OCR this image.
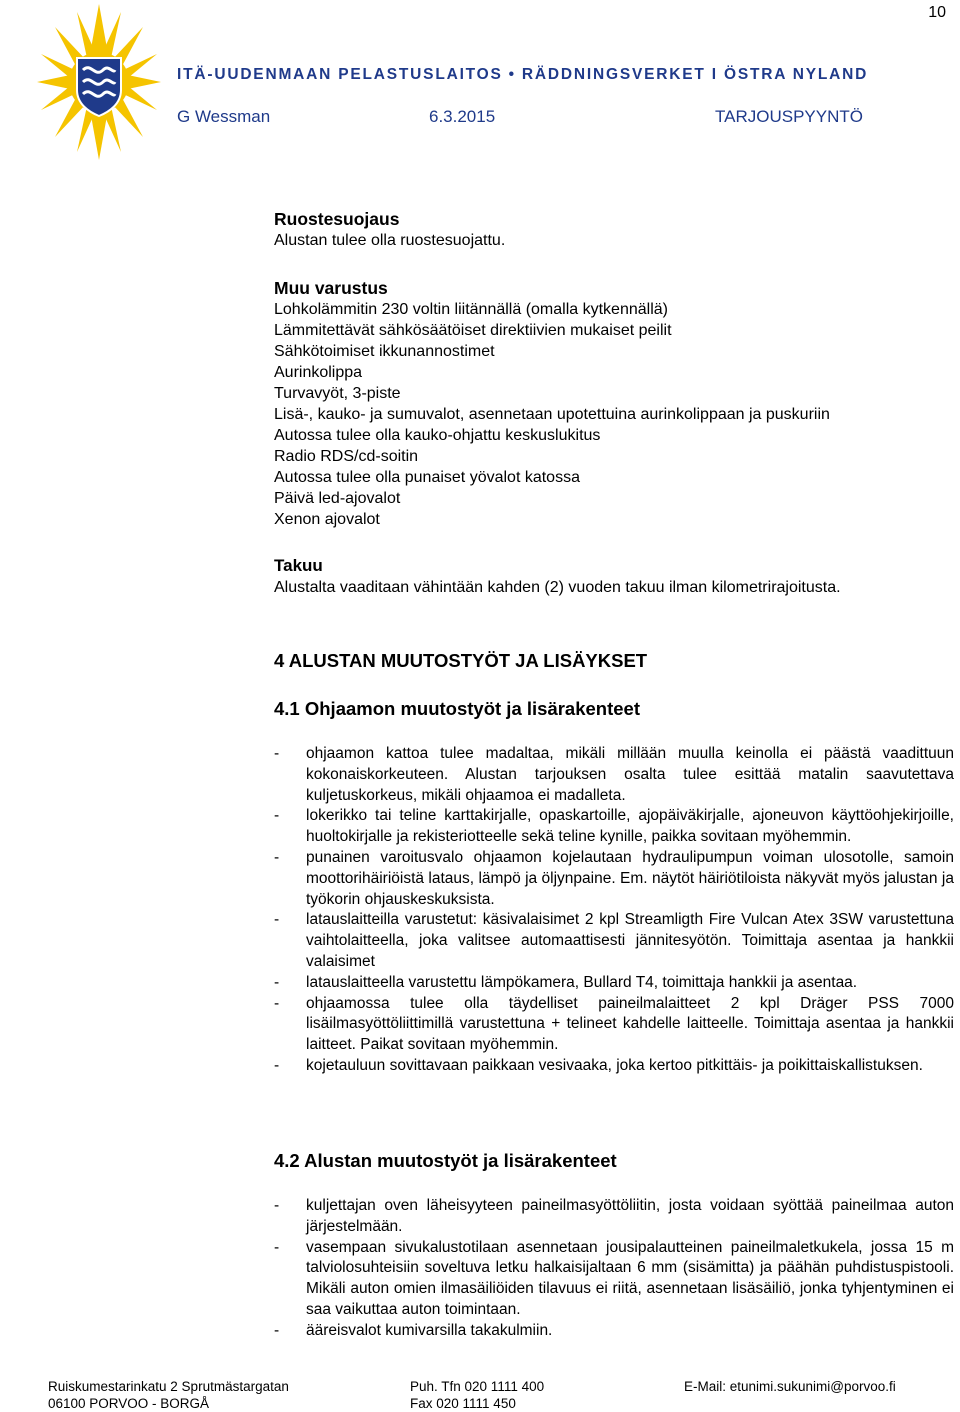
10
ITÄ-UUDENMAAN PELASTUSLAITOS • RÄDDNINGSVERKET I ÖSTRA NYLAND
G Wessman	6.3.2015	TARJOUSPYYNTÖ
Ruostesuojaus

Alustan tulee olla ruostesuojattu.

Muu varustus

Lohkolämmitin 230 voltin liitännällä (omalla kytkennällä)

Lämmitettävät sähkösäätöiset direktiivien mukaiset peilit

Sähkötoimiset ikkunannostimet

Aurinkolippa

Turvavyöt, 3-piste

Lisä-, kauko- ja sumuvalot, asennetaan upotettuina aurinkolippaan ja puskuriin

Autossa tulee olla kauko-ohjattu keskuslukitus

Radio RDS/cd-soitin

Autossa tulee olla punaiset yövalot katossa

Päivä led-ajovalot

Xenon ajovalot

Takuu

Alustalta vaaditaan vähintään kahden (2) vuoden takuu ilman kilometrirajoitusta.

4 ALUSTAN MUUTOSTYÖT JA LISÄYKSET
4.1 Ohjaamon muutostyöt ja lisärakenteet
- ohjaamon kattoa tulee madaltaa, mikäli millään muulla keinolla ei päästä vaadittuun kokonaiskorkeuteen. Alustan tarjouksen osalta tulee esittää matalin saavutettava kuljetuskorkeus, mikäli ohjaamoa ei madalleta.
- lokerikko tai teline karttakirjalle, opaskartoille, ajopäiväkirjalle, ajoneuvon käyttöohjekirjoille, huoltokirjalle ja rekisteriotteelle sekä teline kynille, paikka sovitaan myöhemmin.
- punainen varoitusvalo ohjaamon kojelautaan hydraulipumpun voiman ulosotolle, samoin moottorihäiriöistä lataus, lämpö ja öljynpaine. Em. näytöt häiriötiloista näkyvät myös jalustan ja työkorin ohjauskeskuksista.
- latauslaitteilla varustetut: käsivalaisimet 2 kpl Streamligth Fire Vulcan Atex 3SW varustettuna vaihtolaitteella, joka valitsee automaattisesti jännitesyötön. Toimittaja asentaa ja hankkii valaisimet
- latauslaitteella varustettu lämpökamera, Bullard T4, toimittaja hankkii ja asentaa.
- ohjaamossa tulee olla täydelliset paineilmalaitteet 2 kpl Dräger PSS 7000 lisäilmasyöttöliittimillä varustettuna + telineet kahdelle laitteelle. Toimittaja asentaa ja hankkii laitteet. Paikat sovitaan myöhemmin.
- kojetauluun sovittavaan paikkaan vesivaaka, joka kertoo pitkittäis- ja poikittaiskallistuksen.
4.2 Alustan muutostyöt ja lisärakenteet
- kuljettajan oven läheisyyteen paineilmasyöttöliitin, josta voidaan syöttää paineilmaa auton järjestelmään.
- vasempaan sivukalustotilaan asennetaan jousipalautteinen paineilmaletkukela, jossa 15 m talviolosuhteisiin soveltuva letku halkaisijaltaan 6 mm (sisämitta) ja päähän puhdistuspistooli. Mikäli auton omien ilmasäiliöiden tilavuus ei riitä, asennetaan lisäsäiliö, jonka tyhjentyminen ei saa vaikuttaa auton toimintaan.
- ääreisvalot kumivarsilla takakulmiin.
Ruiskumestarinkatu 2 Sprutmästargatan
06100 PORVOO - BORGÅ
Puh. Tfn 020 1111 400
Fax 020 1111 450
E-Mail: etunimi.sukunimi@porvoo.fi
